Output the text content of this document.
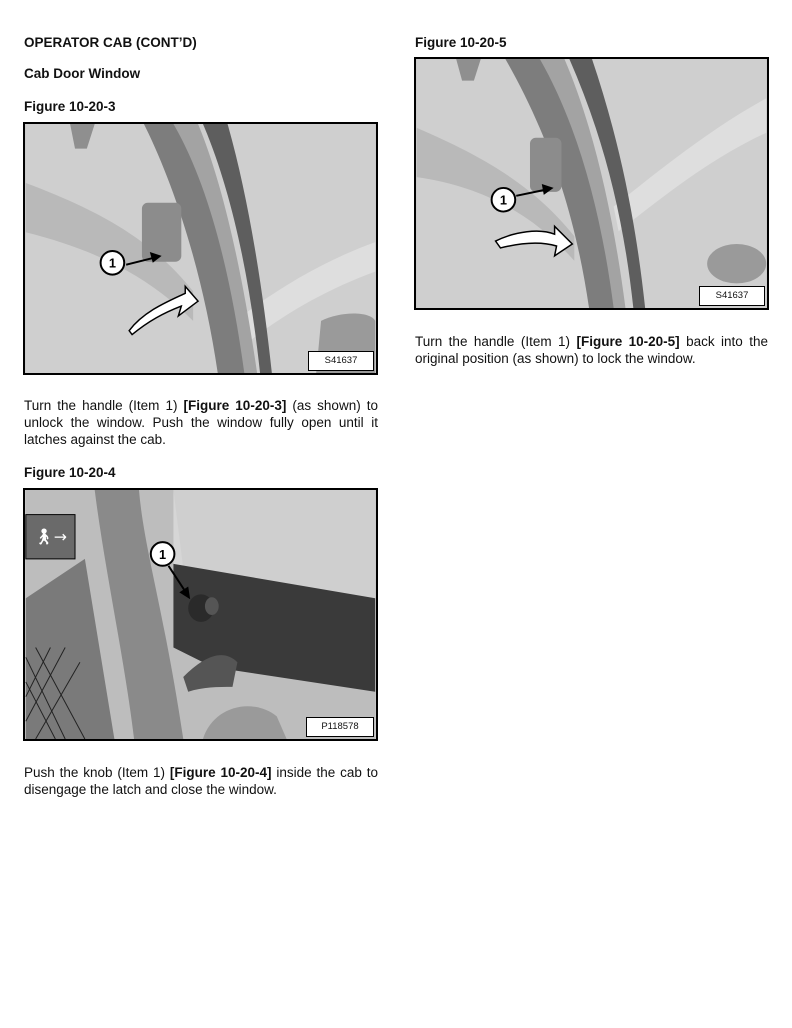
OPERATOR CAB (CONT’D)
Cab Door Window
Figure 10-20-3
1
S41637

Turn the handle (Item 1) [Figure 10-20-3] (as shown) to unlock the window. Push the window fully open until it latches against the cab.

Figure 10-20-4
🚶︎→
1
P118578

Push the knob (Item 1) [Figure 10-20-4] inside the cab to disengage the latch and close the window.

Figure 10-20-5
1
S41637

Turn the handle (Item 1) [Figure 10-20-5] back into the original position (as shown) to lock the window.
